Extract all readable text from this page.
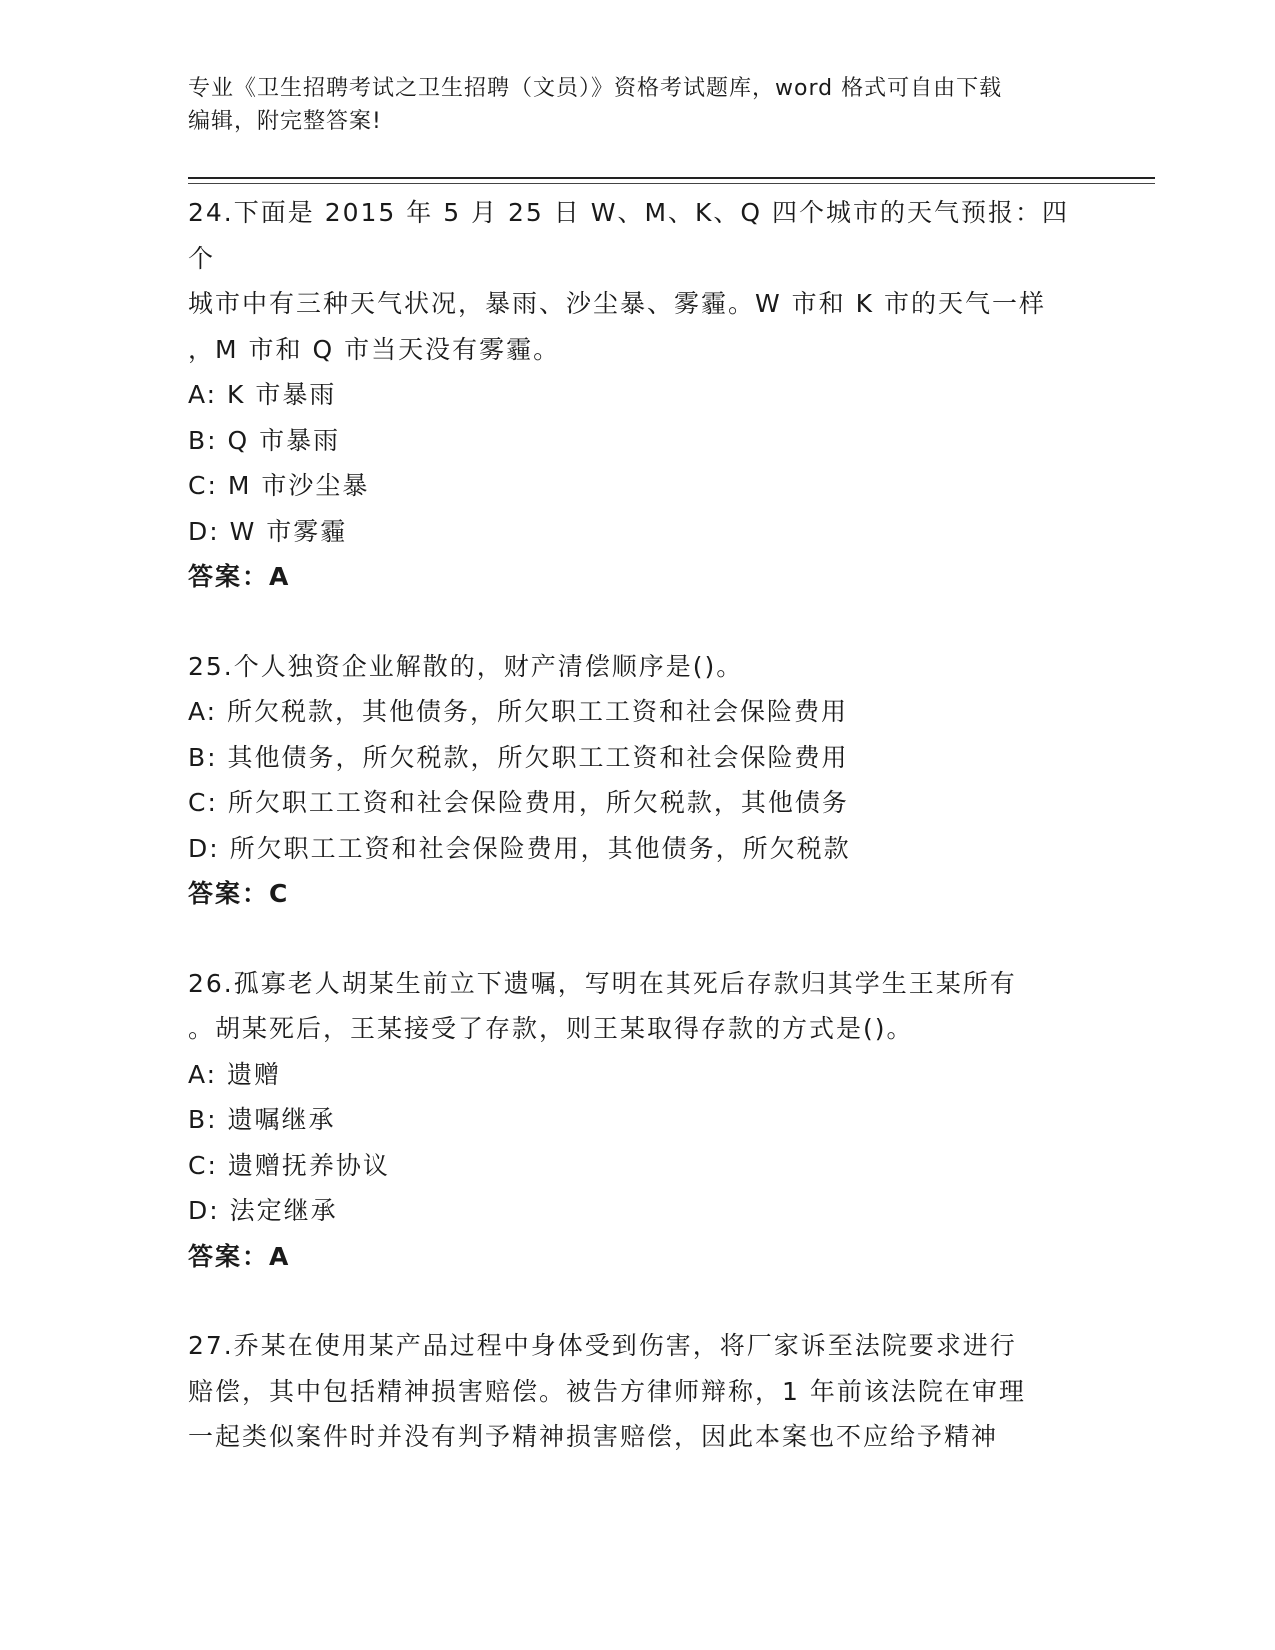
专业《卫生招聘考试之卫生招聘（文员）》资格考试题库，word 格式可自由下载
编辑，附完整答案!

24.下面是 2015 年 5 月 25 日 W、M、K、Q 四个城市的天气预报：四个

城市中有三种天气状况，暴雨、沙尘暴、雾霾。W 市和 K 市的天气一样

，M 市和 Q 市当天没有雾霾。

A: K 市暴雨

B: Q 市暴雨

C: M 市沙尘暴

D: W 市雾霾

答案：A

25.个人独资企业解散的，财产清偿顺序是()。

A: 所欠税款，其他债务，所欠职工工资和社会保险费用

B: 其他债务，所欠税款，所欠职工工资和社会保险费用

C: 所欠职工工资和社会保险费用，所欠税款，其他债务

D: 所欠职工工资和社会保险费用，其他债务，所欠税款

答案：C

26.孤寡老人胡某生前立下遗嘱，写明在其死后存款归其学生王某所有

。胡某死后，王某接受了存款，则王某取得存款的方式是()。

A: 遗赠

B: 遗嘱继承

C: 遗赠抚养协议

D: 法定继承

答案：A

27.乔某在使用某产品过程中身体受到伤害，将厂家诉至法院要求进行

赔偿，其中包括精神损害赔偿。被告方律师辩称，1 年前该法院在审理

一起类似案件时并没有判予精神损害赔偿，因此本案也不应给予精神
